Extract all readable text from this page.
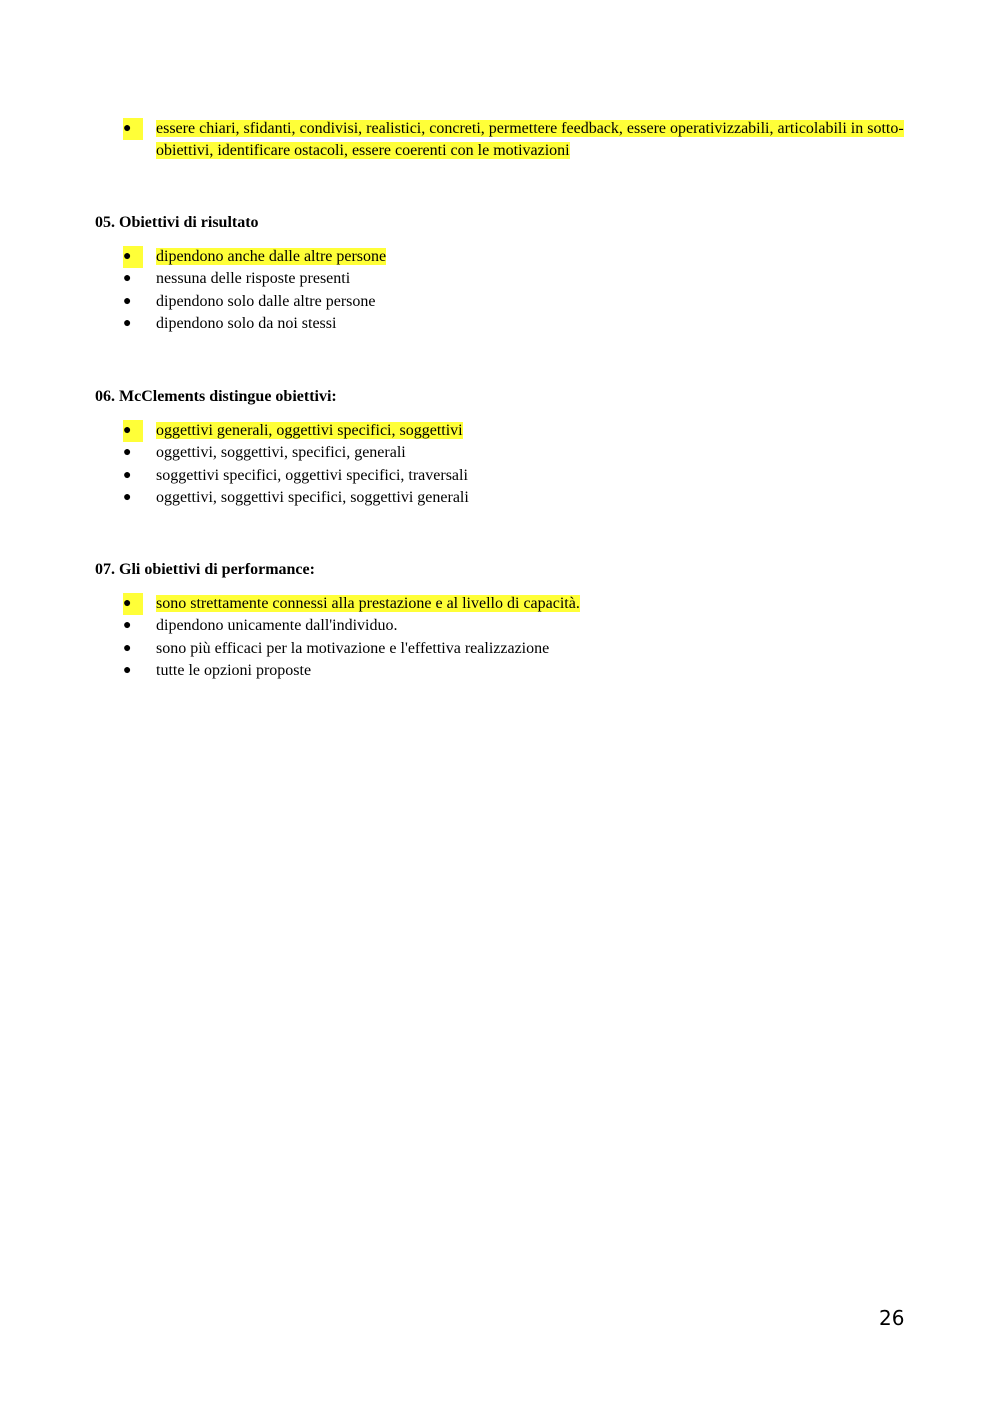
●	essere chiari, sfidanti, condivisi, realistici, concreti, permettere feedback, essere operativizzabili, articolabili in sotto-obiettivi, identificare ostacoli, essere coerenti con le motivazioni
05. Obiettivi di risultato
●	dipendono anche dalle altre persone
●	nessuna delle risposte presenti
●	dipendono solo dalle altre persone
●	dipendono solo da noi stessi
06. McClements distingue obiettivi:
●	oggettivi generali, oggettivi specifici, soggettivi
●	oggettivi, soggettivi, specifici, generali
●	soggettivi specifici, oggettivi specifici, traversali
●	oggettivi, soggettivi specifici, soggettivi generali
07. Gli obiettivi di performance:
●	sono strettamente connessi alla prestazione e al livello di capacità.
●	dipendono unicamente dall'individuo.
●	sono più efficaci per la motivazione e l'effettiva realizzazione
●	tutte le opzioni proposte
26
